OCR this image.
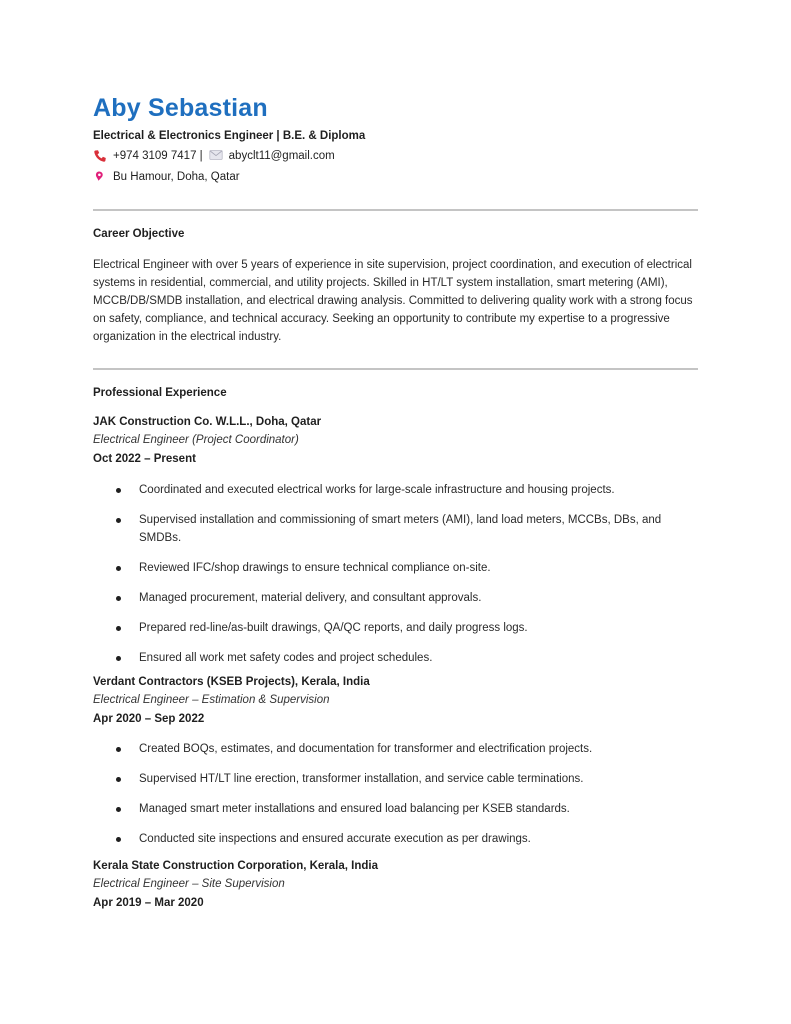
Aby Sebastian
Electrical & Electronics Engineer | B.E. & Diploma
+974 3109 7417 | abyclt11@gmail.com
Bu Hamour, Doha, Qatar
Career Objective
Electrical Engineer with over 5 years of experience in site supervision, project coordination, and execution of electrical systems in residential, commercial, and utility projects. Skilled in HT/LT system installation, smart metering (AMI), MCCB/DB/SMDB installation, and electrical drawing analysis. Committed to delivering quality work with a strong focus on safety, compliance, and technical accuracy. Seeking an opportunity to contribute my expertise to a progressive organization in the electrical industry.
Professional Experience
JAK Construction Co. W.L.L., Doha, Qatar
Electrical Engineer (Project Coordinator)
Oct 2022 – Present
Coordinated and executed electrical works for large-scale infrastructure and housing projects.
Supervised installation and commissioning of smart meters (AMI), land load meters, MCCBs, DBs, and SMDBs.
Reviewed IFC/shop drawings to ensure technical compliance on-site.
Managed procurement, material delivery, and consultant approvals.
Prepared red-line/as-built drawings, QA/QC reports, and daily progress logs.
Ensured all work met safety codes and project schedules.
Verdant Contractors (KSEB Projects), Kerala, India
Electrical Engineer – Estimation & Supervision
Apr 2020 – Sep 2022
Created BOQs, estimates, and documentation for transformer and electrification projects.
Supervised HT/LT line erection, transformer installation, and service cable terminations.
Managed smart meter installations and ensured load balancing per KSEB standards.
Conducted site inspections and ensured accurate execution as per drawings.
Kerala State Construction Corporation, Kerala, India
Electrical Engineer – Site Supervision
Apr 2019 – Mar 2020
